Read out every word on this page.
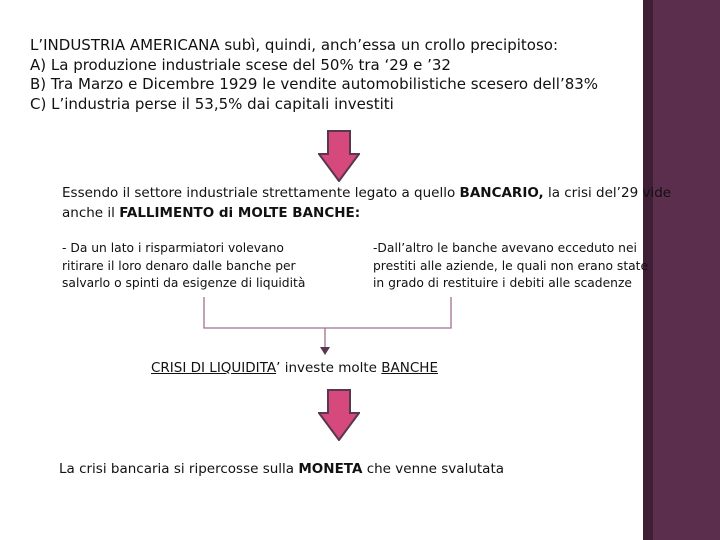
L’INDUSTRIA AMERICANA subì, quindi, anch’essa un crollo precipitoso:
A) La produzione industriale scese del 50% tra ‘29 e ’32
B) Tra Marzo e Dicembre 1929 le vendite automobilistiche scesero dell’83%
C) L’industria perse il 53,5% dai capitali investiti
Essendo il settore industriale strettamente legato a quello BANCARIO, la crisi del’29 vide
anche il FALLIMENTO di MOLTE BANCHE:
- Da un lato i risparmiatori volevano
ritirare il loro denaro dalle banche per
salvarlo o spinti da esigenze di liquidità
-Dall’altro le banche avevano ecceduto nei
prestiti alle aziende, le quali non erano state
in grado di restituire i debiti alle scadenze
CRISI DI LIQUIDITA’ investe molte BANCHE
La crisi bancaria si ripercosse sulla MONETA che venne svalutata
